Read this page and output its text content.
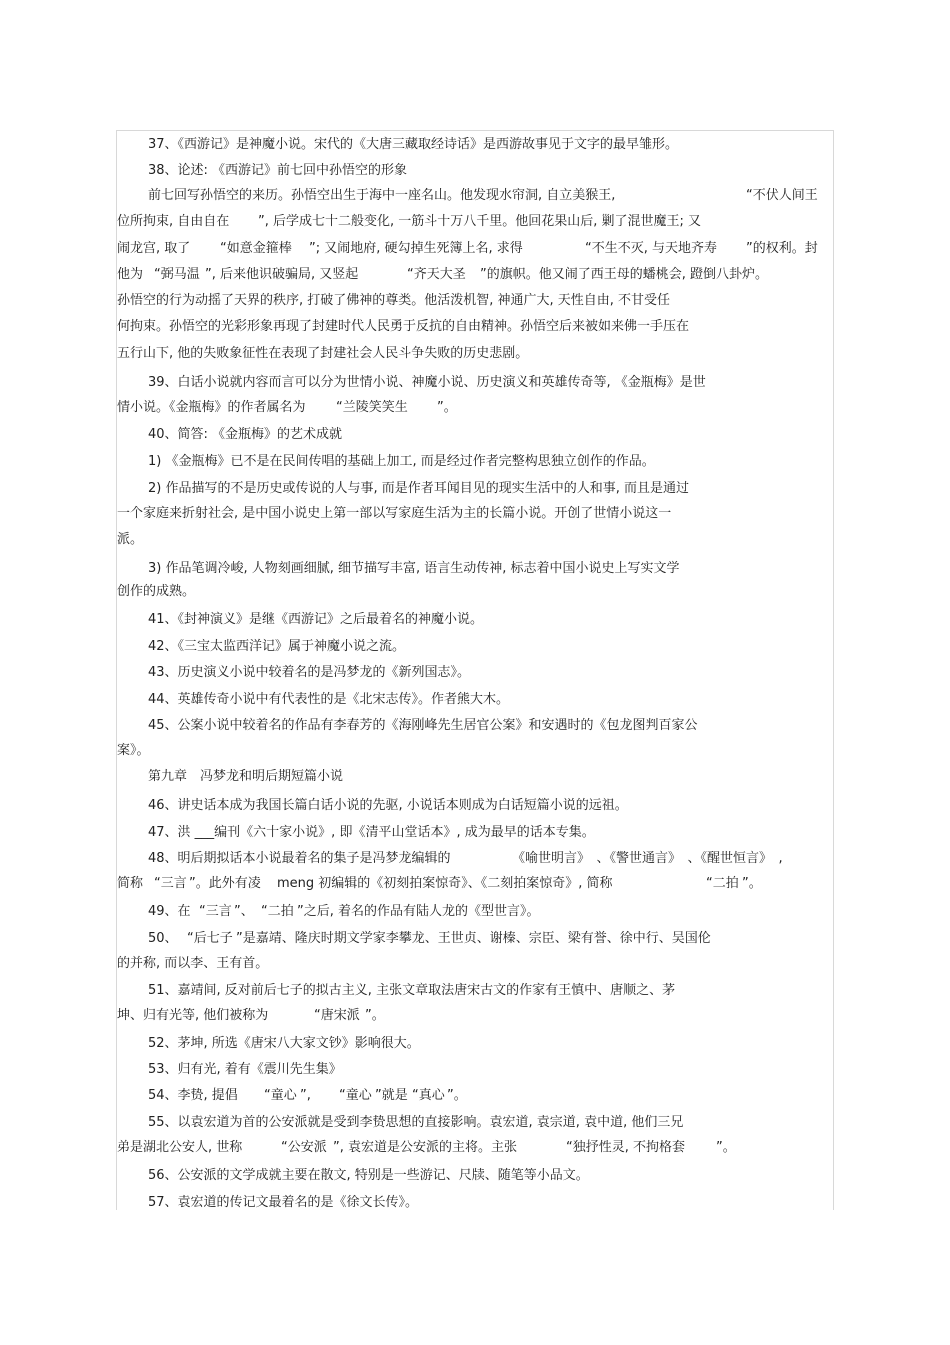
37、《西游记》是神魔小说。宋代的《大唐三藏取经诗话》是西游故事见于文字的最早雏形。
38、论述: 《西游记》前七回中孙悟空的形象
前七回写孙悟空的来历。孙悟空出生于海中一座名山。他发现水帘洞, 自立美猴王,	“不伏人间王
位所拘束, 自由自在 ”, 后学成七十二般变化, 一筋斗十万八千里。他回花果山后, 剿了混世魔王; 又
闹龙宫, 取了 “如意金箍棒 ”; 又闹地府, 硬勾掉生死簿上名, 求得	“不生不灭, 与天地齐寿 ”的权利。封
他为 “弼马温 ”, 后来他识破骗局, 又竖起	“齐天大圣 ”的旗帜。他又闹了西王母的蟠桃会, 蹬倒八卦炉。
孙悟空的行为动摇了天界的秩序, 打破了佛神的尊类。他活泼机智, 神通广大, 天性自由, 不甘受任
何拘束。孙悟空的光彩形象再现了封建时代人民勇于反抗的自由精神。孙悟空后来被如来佛一手压在
五行山下, 他的失败象征性在表现了封建社会人民斗争失败的历史悲剧。
39、白话小说就内容而言可以分为世情小说、神魔小说、历史演义和英雄传奇等, 《金瓶梅》是世
情小说。《金瓶梅》的作者属名为 “兰陵笑笑生 ”。
40、简答: 《金瓶梅》的艺术成就
1) 《金瓶梅》已不是在民间传唱的基础上加工, 而是经过作者完整构思独立创作的作品。
2) 作品描写的不是历史或传说的人与事, 而是作者耳闻目见的现实生活中的人和事, 而且是通过
一个家庭来折射社会, 是中国小说史上第一部以写家庭生活为主的长篇小说。开创了世情小说这一
派。
3) 作品笔调冷峻, 人物刻画细腻, 细节描写丰富, 语言生动传神, 标志着中国小说史上写实文学
创作的成熟。
41、《封神演义》是继《西游记》之后最着名的神魔小说。
42、《三宝太监西洋记》属于神魔小说之流。
43、历史演义小说中较着名的是冯梦龙的《新列国志》。
44、英雄传奇小说中有代表性的是《北宋志传》。作者熊大木。
45、公案小说中较着名的作品有李春芳的《海刚峰先生居官公案》和安遇时的《包龙图判百家公
案》。
第九章　冯梦龙和明后期短篇小说
46、讲史话本成为我国长篇白话小说的先驱, 小说话本则成为白话短篇小说的远祖。
47、洪 ___编刊《六十家小说》, 即《清平山堂话本》, 成为最早的话本专集。
48、明后期拟话本小说最着名的集子是冯梦龙编辑的	《喻世明言》　、《警世通言》　、《醒世恒言》　,
简称 “三言 ”。此外有凌 meng 初编辑的《初刻拍案惊奇》、《二刻拍案惊奇》, 简称	“二拍 ”。
49、在 “三言 ”、 “二拍 ”之后, 着名的作品有陆人龙的《型世言》。
50、 “后七子 ”是嘉靖、隆庆时期文学家李攀龙、王世贞、谢榛、宗臣、梁有誉、徐中行、吴国伦
的并称, 而以李、王有首。
51、嘉靖间, 反对前后七子的拟古主义, 主张文章取法唐宋古文的作家有王慎中、唐顺之、茅
坤、归有光等, 他们被称为	“唐宋派 ”。
52、茅坤, 所选《唐宋八大家文钞》影响很大。
53、归有光, 着有《震川先生集》
54、李贽, 提倡 “童心 ”, “童心 ”就是 “真心 ”。
55、以袁宏道为首的公安派就是受到李贽思想的直接影响。袁宏道, 袁宗道, 袁中道, 他们三兄
弟是湖北公安人, 世称	“公安派 ”, 袁宏道是公安派的主将。主张	“独抒性灵, 不拘格套 ”。
56、公安派的文学成就主要在散文, 特别是一些游记、尺牍、随笔等小品文。
57、袁宏道的传记文最着名的是《徐文长传》。
